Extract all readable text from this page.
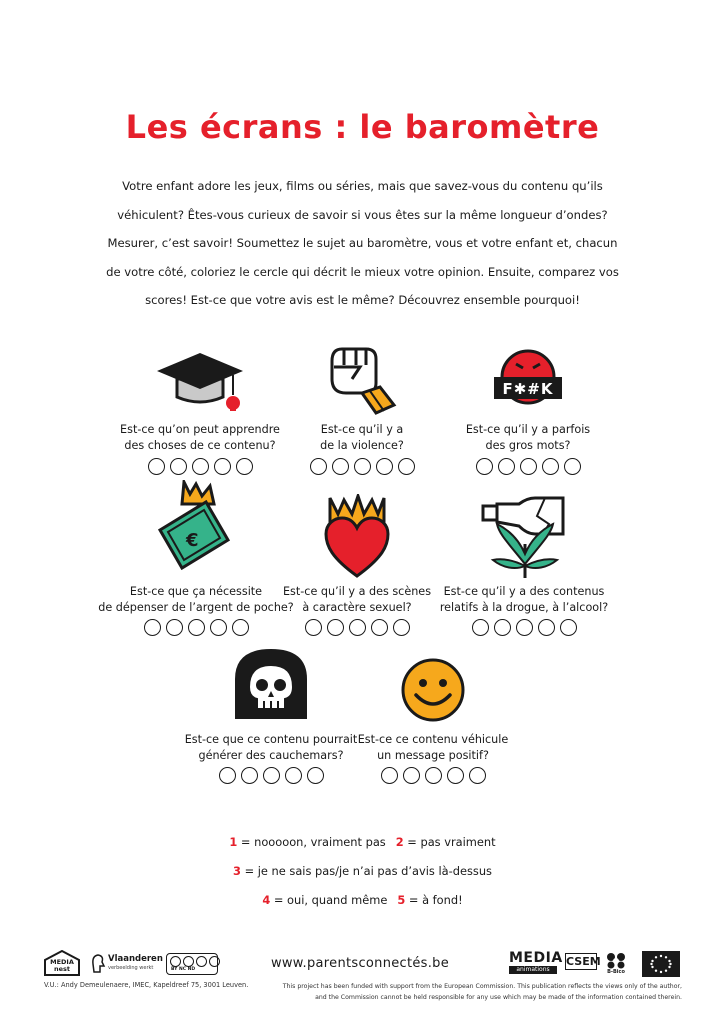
Les écrans : le baromètre
Votre enfant adore les jeux, films ou séries, mais que savez-vous du contenu qu’ils véhiculent? Êtes-vous curieux de savoir si vous êtes sur la même longueur d’ondes? Mesurer, c’est savoir! Soumettez le sujet au baromètre, vous et votre enfant et, chacun de votre côté, coloriez le cercle qui décrit le mieux votre opinion. Ensuite, comparez vos scores! Est-ce que votre avis est le même? Découvrez ensemble pourquoi!
Est-ce qu’on peut apprendre
des choses de ce contenu?
Est-ce qu’il y a
de la violence?
F✱#K
Est-ce qu’il y a parfois
des gros mots?
€
Est-ce que ça nécessite
de dépenser de l’argent de poche?
Est-ce qu’il y a des scènes
à caractère sexuel?
Est-ce qu’il y a des contenus
relatifs à la drogue, à l’alcool?
Est-ce que ce contenu pourrait
générer des cauchemars?
Est-ce ce contenu véhicule
un message positif?
1 = nooooon, vraiment pas 2 = pas vraiment
3 = je ne sais pas/je n’ai pas d’avis là-dessus
4 = oui, quand même 5 = à fond!
MEDIA nest
Vlaanderen
verbeelding werkt	BY NC ND	www.parentsconnectés.be	MEDIA
animations
CSEM
B-Bico
V.U.: Andy Demeulenaere, IMEC, Kapeldreef 75, 3001 Leuven.	This project has been funded with support from the European Commission. This publication reflects the views only of the author,
and the Commission cannot be held responsible for any use which may be made of the information contained therein.
